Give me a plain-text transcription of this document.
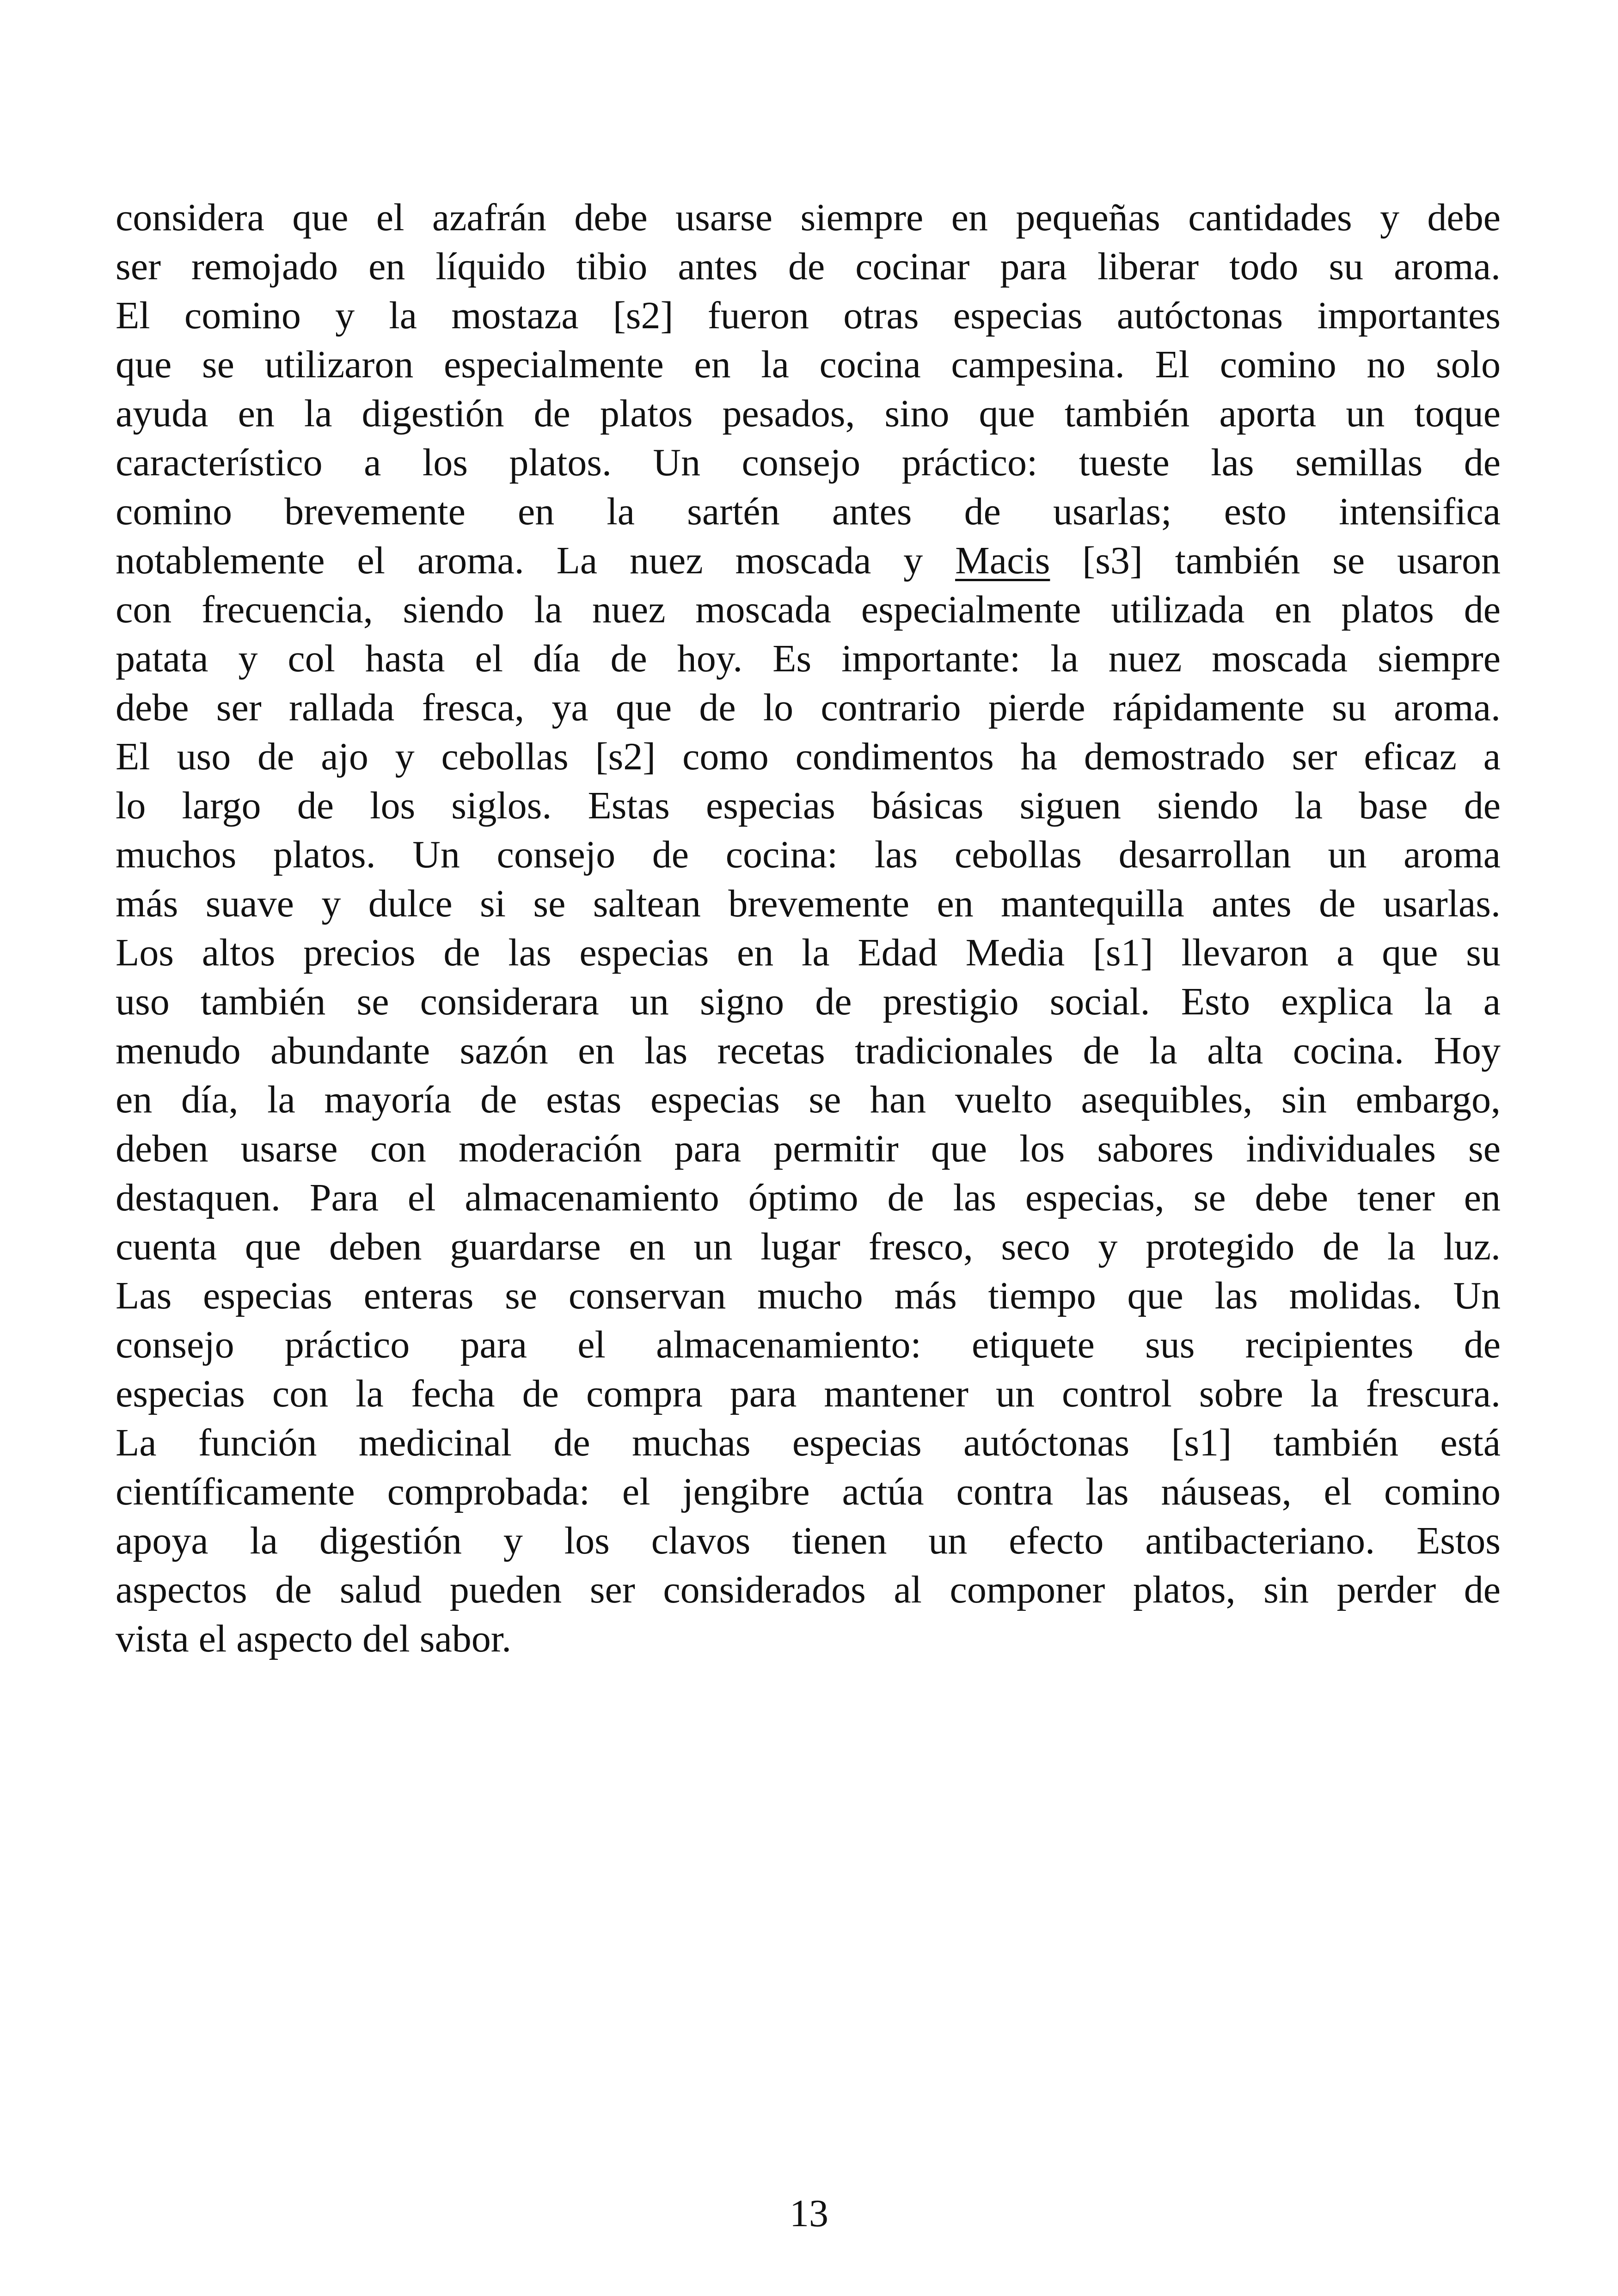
considera que el azafrán debe usarse siempre en pequeñas cantidades y debe
ser remojado en líquido tibio antes de cocinar para liberar todo su aroma.
El comino y la mostaza [s2] fueron otras especias autóctonas importantes
que se utilizaron especialmente en la cocina campesina. El comino no solo
ayuda en la digestión de platos pesados, sino que también aporta un toque
característico a los platos. Un consejo práctico: tueste las semillas de
comino brevemente en la sartén antes de usarlas; esto intensifica
notablemente el aroma. La nuez moscada y Macis [s3] también se usaron
con frecuencia, siendo la nuez moscada especialmente utilizada en platos de
patata y col hasta el día de hoy. Es importante: la nuez moscada siempre
debe ser rallada fresca, ya que de lo contrario pierde rápidamente su aroma.
El uso de ajo y cebollas [s2] como condimentos ha demostrado ser eficaz a
lo largo de los siglos. Estas especias básicas siguen siendo la base de
muchos platos. Un consejo de cocina: las cebollas desarrollan un aroma
más suave y dulce si se saltean brevemente en mantequilla antes de usarlas.
Los altos precios de las especias en la Edad Media [s1] llevaron a que su
uso también se considerara un signo de prestigio social. Esto explica la a
menudo abundante sazón en las recetas tradicionales de la alta cocina. Hoy
en día, la mayoría de estas especias se han vuelto asequibles, sin embargo,
deben usarse con moderación para permitir que los sabores individuales se
destaquen. Para el almacenamiento óptimo de las especias, se debe tener en
cuenta que deben guardarse en un lugar fresco, seco y protegido de la luz.
Las especias enteras se conservan mucho más tiempo que las molidas. Un
consejo práctico para el almacenamiento: etiquete sus recipientes de
especias con la fecha de compra para mantener un control sobre la frescura.
La función medicinal de muchas especias autóctonas [s1] también está
científicamente comprobada: el jengibre actúa contra las náuseas, el comino
apoya la digestión y los clavos tienen un efecto antibacteriano. Estos
aspectos de salud pueden ser considerados al componer platos, sin perder de
vista el aspecto del sabor.
13
